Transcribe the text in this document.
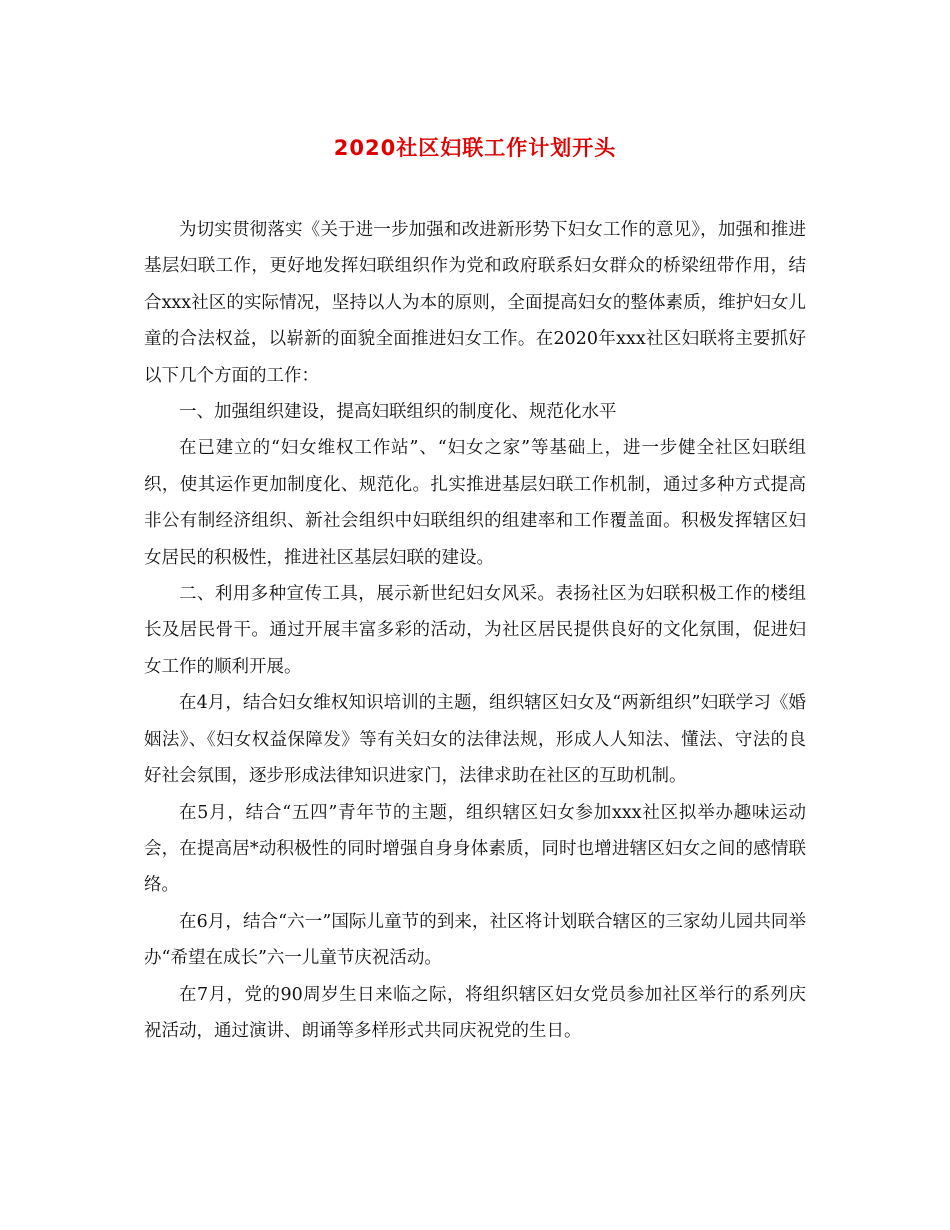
2020社区妇联工作计划开头

为切实贯彻落实《关于进一步加强和改进新形势下妇女工作的意见》，加强和推进基层妇联工作，更好地发挥妇联组织作为党和政府联系妇女群众的桥梁纽带作用，结合xxx社区的实际情况，坚持以人为本的原则，全面提高妇女的整体素质，维护妇女儿童的合法权益，以崭新的面貌全面推进妇女工作。在2020年xxx社区妇联将主要抓好以下几个方面的工作：

一、加强组织建设，提高妇联组织的制度化、规范化水平

在已建立的“妇女维权工作站”、“妇女之家”等基础上，进一步健全社区妇联组织，使其运作更加制度化、规范化。扎实推进基层妇联工作机制，通过多种方式提高非公有制经济组织、新社会组织中妇联组织的组建率和工作覆盖面。积极发挥辖区妇女居民的积极性，推进社区基层妇联的建设。

二、利用多种宣传工具，展示新世纪妇女风采。表扬社区为妇联积极工作的楼组长及居民骨干。通过开展丰富多彩的活动，为社区居民提供良好的文化氛围，促进妇女工作的顺利开展。

在4月，结合妇女维权知识培训的主题，组织辖区妇女及“两新组织”妇联学习《婚姻法》、《妇女权益保障发》等有关妇女的法律法规，形成人人知法、懂法、守法的良好社会氛围，逐步形成法律知识进家门，法律求助在社区的互助机制。

在5月，结合“五四”青年节的主题，组织辖区妇女参加xxx社区拟举办趣味运动会，在提高居*动积极性的同时增强自身身体素质，同时也增进辖区妇女之间的感情联络。

在6月，结合“六一”国际儿童节的到来，社区将计划联合辖区的三家幼儿园共同举办“希望在成长”六一儿童节庆祝活动。

在7月，党的90周岁生日来临之际，将组织辖区妇女党员参加社区举行的系列庆祝活动，通过演讲、朗诵等多样形式共同庆祝党的生日。
